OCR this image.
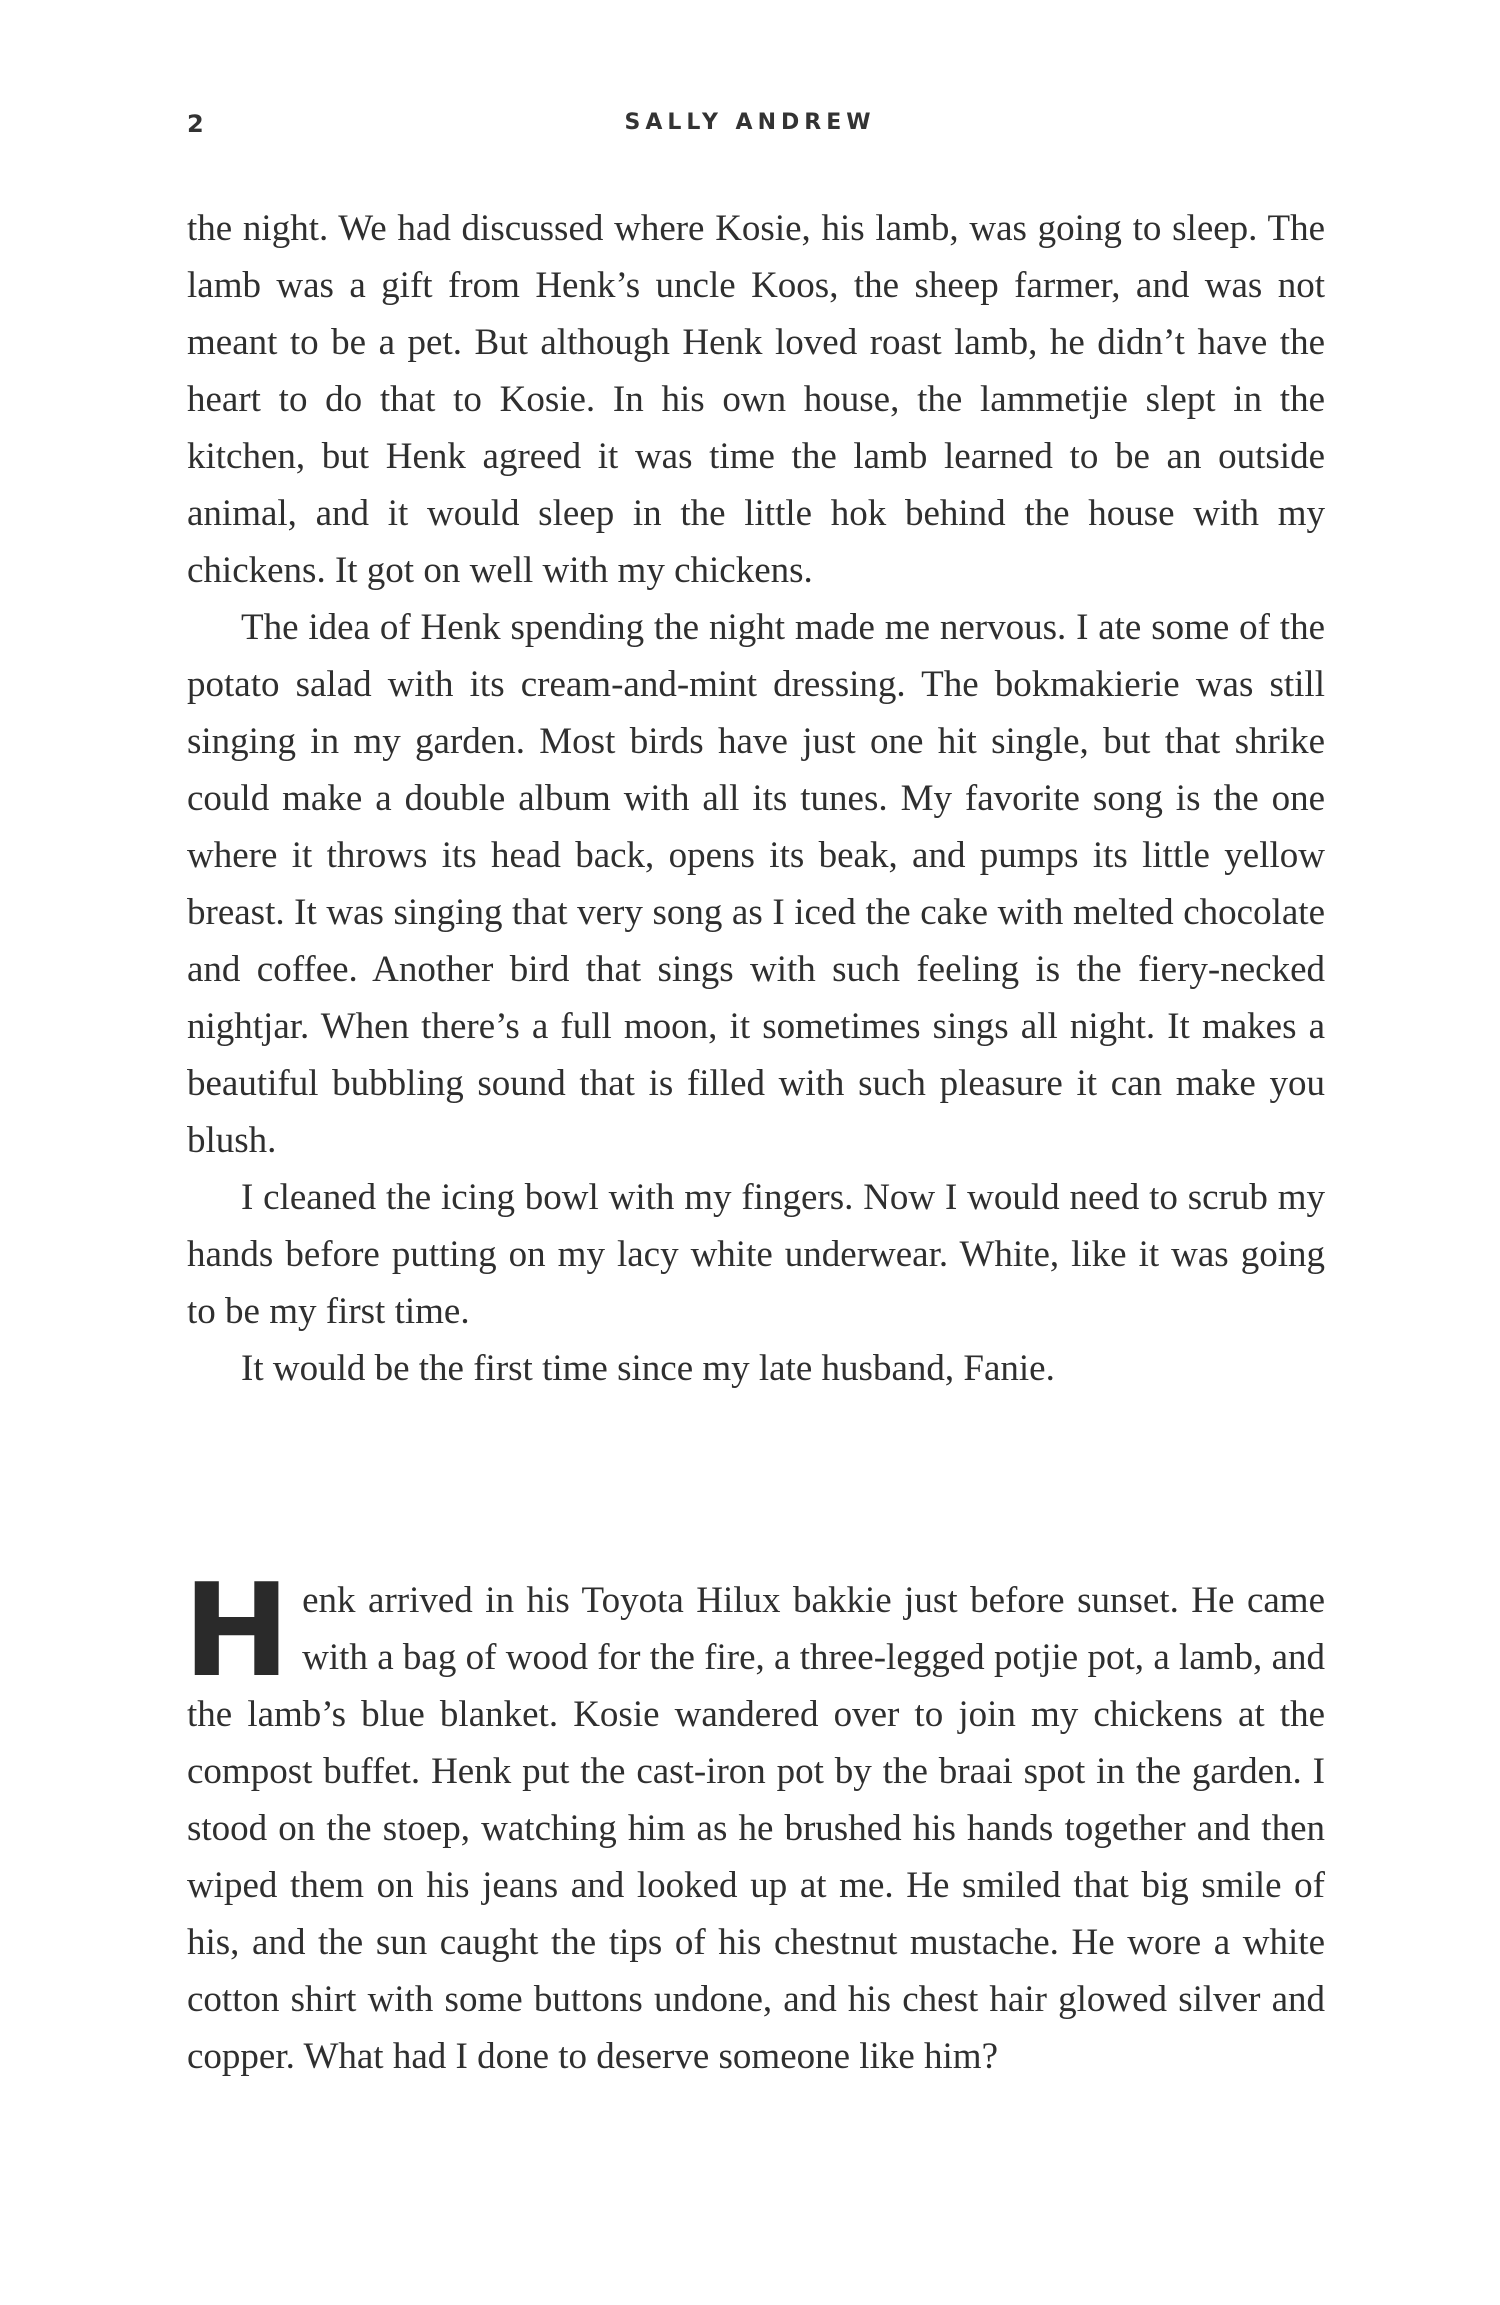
2	SALLY ANDREW

the night. We had discussed where Kosie, his lamb, was going to sleep. The lamb was a gift from Henk’s uncle Koos, the sheep farmer, and was not meant to be a pet. But although Henk loved roast lamb, he didn’t have the heart to do that to Kosie. In his own house, the lammetjie slept in the kitchen, but Henk agreed it was time the lamb learned to be an outside animal, and it would sleep in the little hok behind the house with my chickens. It got on well with my chickens.

The idea of Henk spending the night made me nervous. I ate some of the potato salad with its cream-and-mint dressing. The bokmakierie was still singing in my garden. Most birds have just one hit single, but that shrike could make a double album with all its tunes. My favorite song is the one where it throws its head back, opens its beak, and pumps its little yellow breast. It was singing that very song as I iced the cake with melted chocolate and coffee. Another bird that sings with such feeling is the fiery-necked nightjar. When there’s a full moon, it sometimes sings all night. It makes a beautiful bubbling sound that is filled with such pleasure it can make you blush.

I cleaned the icing bowl with my fingers. Now I would need to scrub my hands before putting on my lacy white underwear. White, like it was going to be my first time.

It would be the first time since my late husband, Fanie.

Henk arrived in his Toyota Hilux bakkie just before sunset. He came with a bag of wood for the fire, a three-legged potjie pot, a lamb, and the lamb’s blue blanket. Kosie wandered over to join my chickens at the compost buffet. Henk put the cast-iron pot by the braai spot in the garden. I stood on the stoep, watching him as he brushed his hands together and then wiped them on his jeans and looked up at me. He smiled that big smile of his, and the sun caught the tips of his chestnut mustache. He wore a white cotton shirt with some buttons undone, and his chest hair glowed silver and copper. What had I done to deserve someone like him?
